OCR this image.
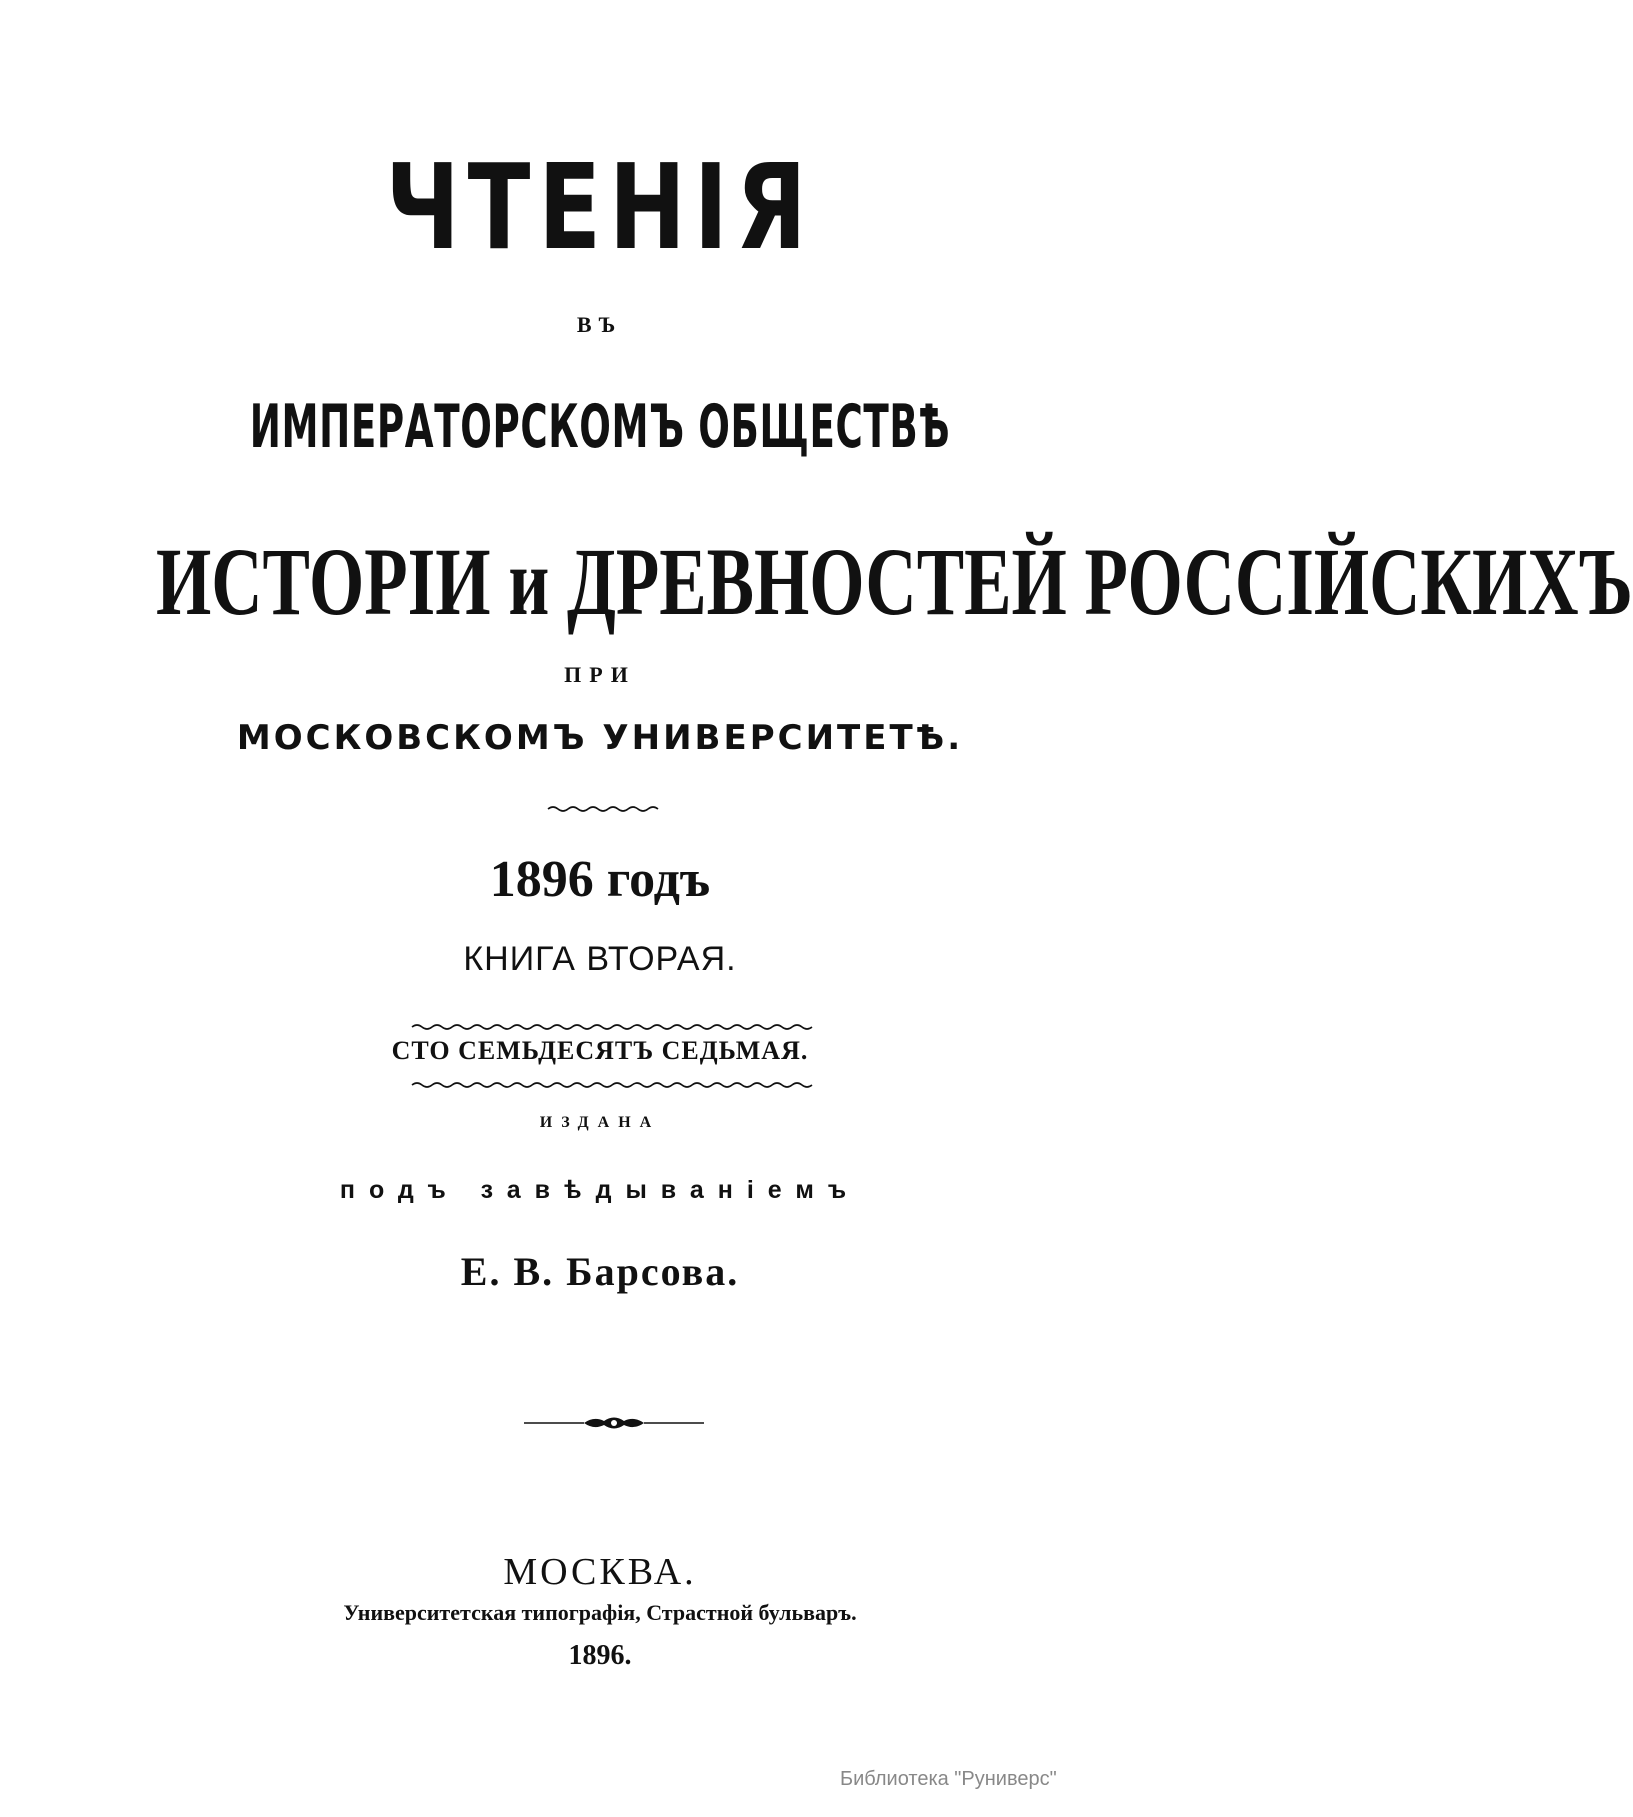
ЧТЕНІЯ
ВЪ
ИМПЕРАТОРСКОМЪ ОБЩЕСТВѢ
ИСТОРІИ и ДРЕВНОСТЕЙ РОССІЙСКИХЪ
ПРИ
МОСКОВСКОМЪ УНИВЕРСИТЕТѢ.
1896 годъ
КНИГА ВТОРАЯ.
СТО СЕМЬДЕСЯТЪ СЕДЬМАЯ.
ИЗДАНА
подъ завѣдываніемъ
Е. В. Барсова.
МОСКВА.
Университетская типографія, Страстной бульваръ.
1896.
Библиотека "Руниверс"
